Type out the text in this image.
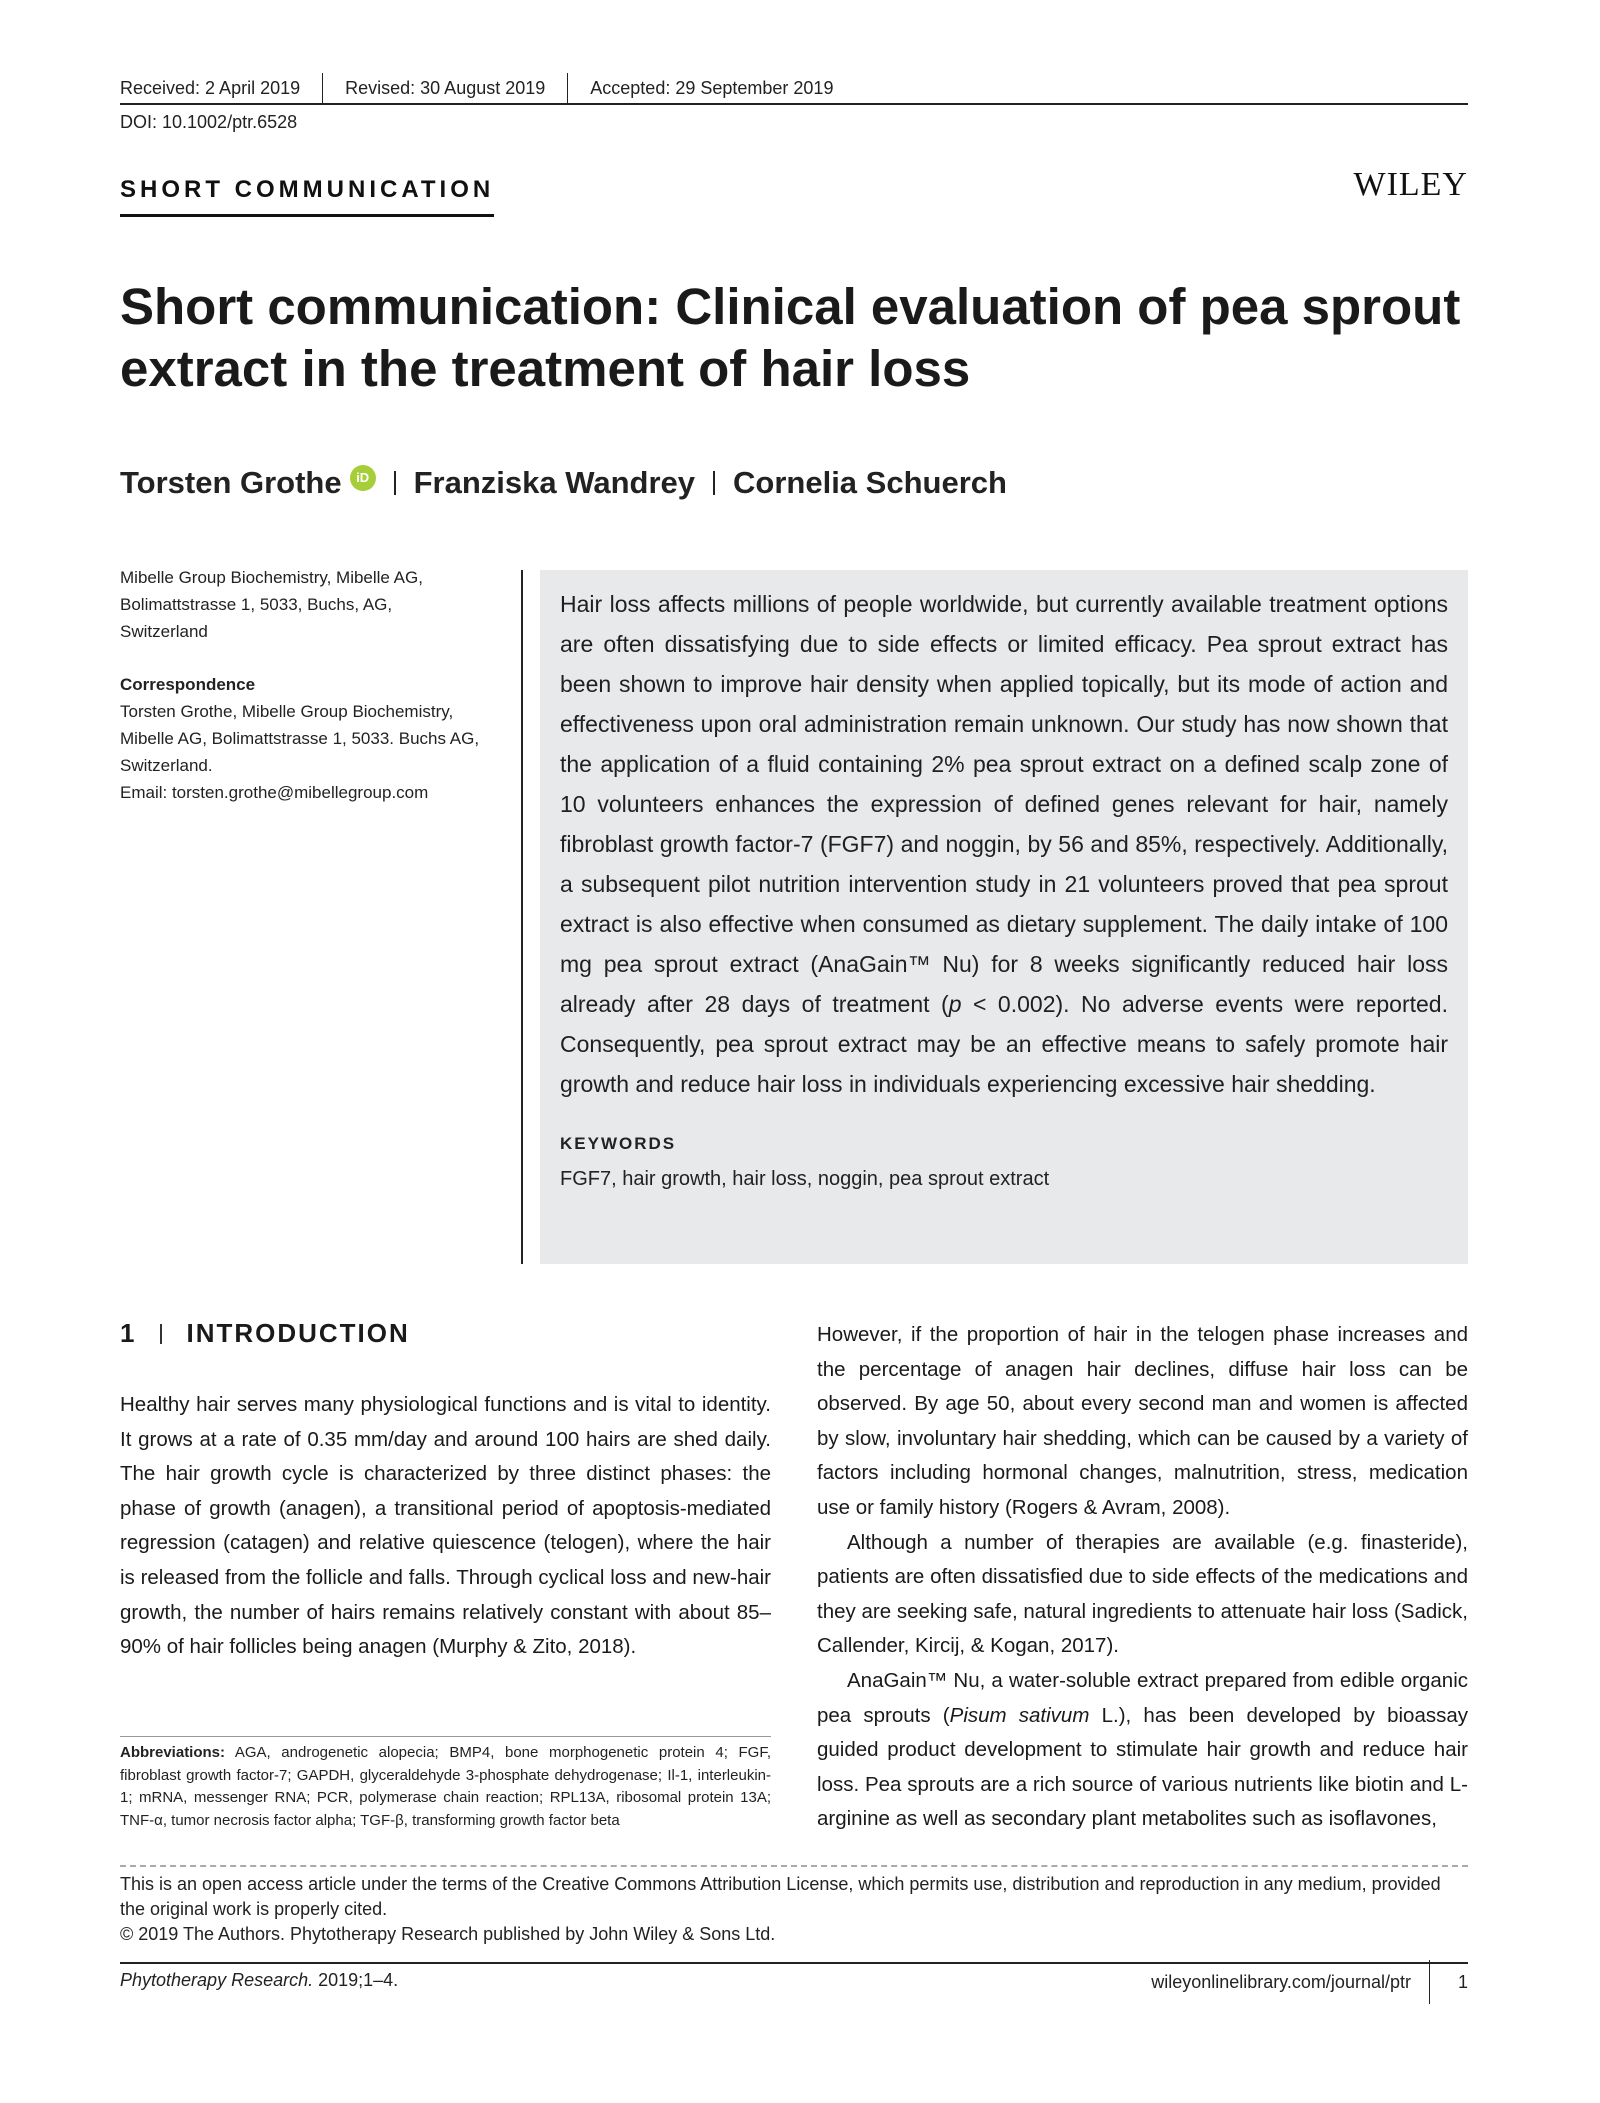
Received: 2 April 2019	Revised: 30 August 2019	Accepted: 29 September 2019
DOI: 10.1002/ptr.6528
SHORT COMMUNICATION	WILEY
Short communication: Clinical evaluation of pea sprout extract in the treatment of hair loss
Torsten Grothe	iD Franziska Wandrey Cornelia Schuerch

Mibelle Group Biochemistry, Mibelle AG,

Bolimattstrasse 1, 5033, Buchs, AG,

Switzerland

Correspondence

Torsten Grothe, Mibelle Group Biochemistry, Mibelle AG, Bolimattstrasse 1, 5033. Buchs AG, Switzerland.

Email: torsten.grothe@mibellegroup.com

Hair loss affects millions of people worldwide, but currently available treatment options are often dissatisfying due to side effects or limited efficacy. Pea sprout extract has been shown to improve hair density when applied topically, but its mode of action and effectiveness upon oral administration remain unknown. Our study has now shown that the application of a fluid containing 2% pea sprout extract on a defined scalp zone of 10 volunteers enhances the expression of defined genes relevant for hair, namely fibroblast growth factor-7 (FGF7) and noggin, by 56 and 85%, respectively. Additionally, a subsequent pilot nutrition intervention study in 21 volunteers proved that pea sprout extract is also effective when consumed as dietary supplement. The daily intake of 100 mg pea sprout extract (AnaGain™ Nu) for 8 weeks significantly reduced hair loss already after 28 days of treatment (p < 0.002). No adverse events were reported. Consequently, pea sprout extract may be an effective means to safely promote hair growth and reduce hair loss in individuals experiencing excessive hair shedding.

KEYWORDS
FGF7, hair growth, hair loss, noggin, pea sprout extract
1 INTRODUCTION

Healthy hair serves many physiological functions and is vital to identity. It grows at a rate of 0.35 mm/day and around 100 hairs are shed daily. The hair growth cycle is characterized by three distinct phases: the phase of growth (anagen), a transitional period of apoptosis-mediated regression (catagen) and relative quiescence (telogen), where the hair is released from the follicle and falls. Through cyclical loss and new-hair growth, the number of hairs remains relatively constant with about 85–90% of hair follicles being anagen (Murphy & Zito, 2018).

Abbreviations: AGA, androgenetic alopecia; BMP4, bone morphogenetic protein 4; FGF, fibroblast growth factor-7; GAPDH, glyceraldehyde 3-phosphate dehydrogenase; Il-1, interleukin-1; mRNA, messenger RNA; PCR, polymerase chain reaction; RPL13A, ribosomal protein 13A; TNF-α, tumor necrosis factor alpha; TGF-β, transforming growth factor beta

However, if the proportion of hair in the telogen phase increases and the percentage of anagen hair declines, diffuse hair loss can be observed. By age 50, about every second man and women is affected by slow, involuntary hair shedding, which can be caused by a variety of factors including hormonal changes, malnutrition, stress, medication use or family history (Rogers & Avram, 2008).

Although a number of therapies are available (e.g. finasteride), patients are often dissatisfied due to side effects of the medications and they are seeking safe, natural ingredients to attenuate hair loss (Sadick, Callender, Kircij, & Kogan, 2017).

AnaGain™ Nu, a water-soluble extract prepared from edible organic pea sprouts (Pisum sativum L.), has been developed by bioassay guided product development to stimulate hair growth and reduce hair loss. Pea sprouts are a rich source of various nutrients like biotin and L-arginine as well as secondary plant metabolites such as isoflavones,

This is an open access article under the terms of the Creative Commons Attribution License, which permits use, distribution and reproduction in any medium, provided the original work is properly cited.

© 2019 The Authors. Phytotherapy Research published by John Wiley & Sons Ltd.

Phytotherapy Research. 2019;1–4.	wileyonlinelibrary.com/journal/ptr	1
